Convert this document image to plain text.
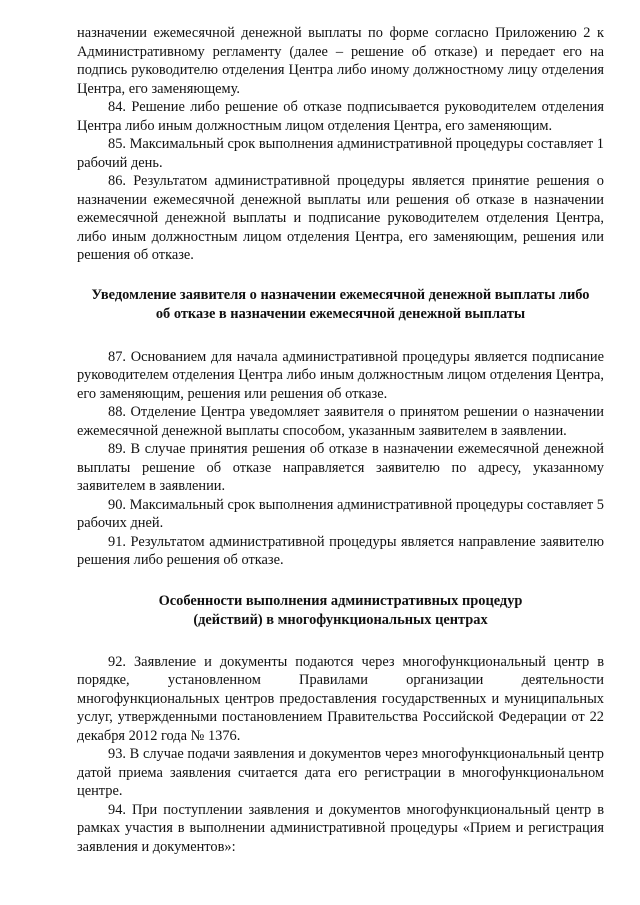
назначении ежемесячной денежной выплаты по форме согласно Приложению 2 к Административному регламенту (далее – решение об отказе) и передает его на подпись руководителю отделения Центра либо иному должностному лицу отделения Центра, его заменяющему.

84. Решение либо решение об отказе подписывается руководителем отделения Центра либо иным должностным лицом отделения Центра, его заменяющим.

85. Максимальный срок выполнения административной процедуры составляет 1 рабочий день.

86. Результатом административной процедуры является принятие решения о назначении ежемесячной денежной выплаты или решения об отказе в назначении ежемесячной денежной выплаты и подписание руководителем отделения Центра, либо иным должностным лицом отделения Центра, его заменяющим, решения или решения об отказе.

Уведомление заявителя о назначении ежемесячной денежной выплаты либо
об отказе в назначении ежемесячной денежной выплаты

87. Основанием для начала административной процедуры является подписание руководителем отделения Центра либо иным должностным лицом отделения Центра, его заменяющим, решения или решения об отказе.

88. Отделение Центра уведомляет заявителя о принятом решении о назначении ежемесячной денежной выплаты способом, указанным заявителем в заявлении.

89. В случае принятия решения об отказе в назначении ежемесячной денежной выплаты решение об отказе направляется заявителю по адресу, указанному заявителем в заявлении.

90. Максимальный срок выполнения административной процедуры составляет 5 рабочих дней.

91. Результатом административной процедуры является направление заявителю решения либо решения об отказе.

Особенности выполнения административных процедур
(действий) в многофункциональных центрах

92. Заявление и документы подаются через многофункциональный центр в порядке, установленном Правилами организации деятельности многофункциональных центров предоставления государственных и муниципальных услуг, утвержденными постановлением Правительства Российской Федерации от 22 декабря 2012 года № 1376.

93. В случае подачи заявления и документов через многофункциональный центр датой приема заявления считается дата его регистрации в многофункциональном центре.

94. При поступлении заявления и документов многофункциональный центр в рамках участия в выполнении административной процедуры «Прием и регистрация заявления и документов»:
